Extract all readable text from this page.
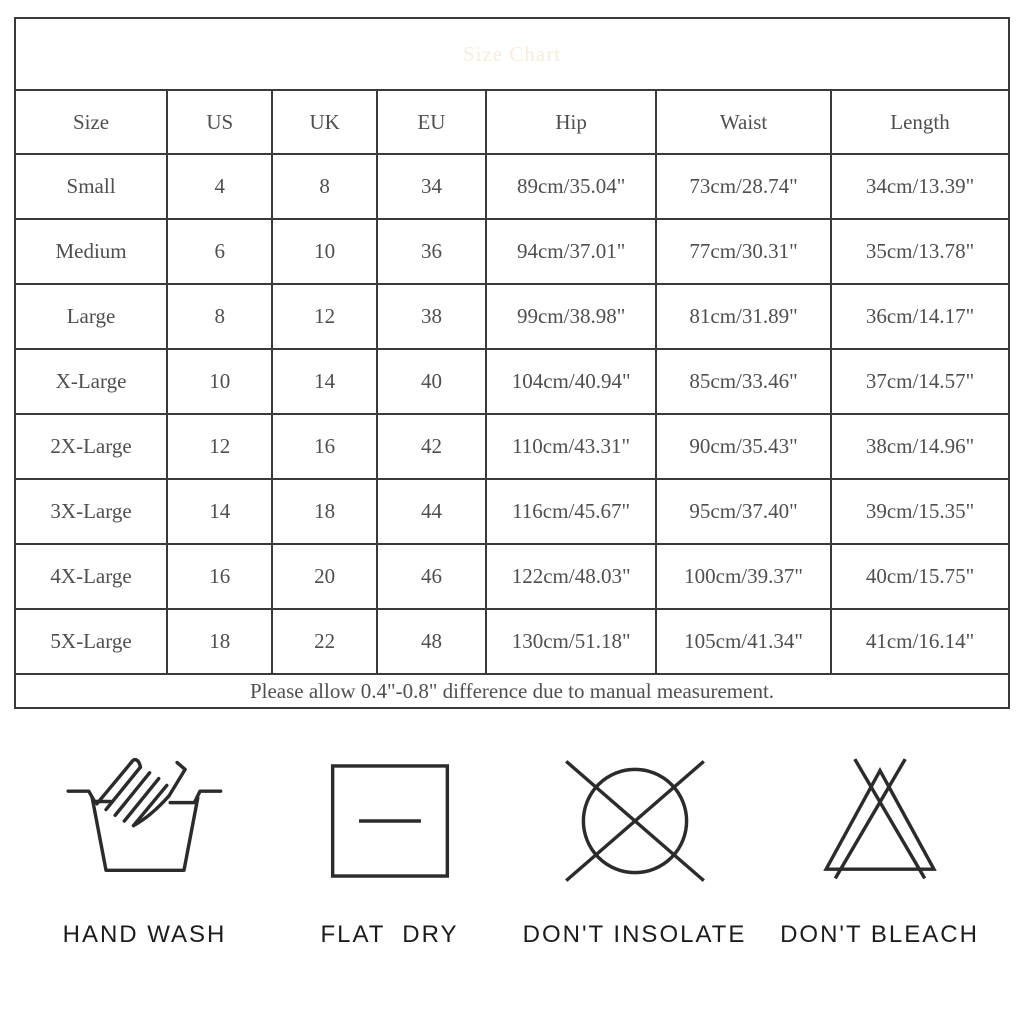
Size Chart						
Size	US	UK	EU	Hip	Waist	Length
Small	4	8	34	89cm/35.04"	73cm/28.74"	34cm/13.39"
Medium	6	10	36	94cm/37.01"	77cm/30.31"	35cm/13.78"
Large	8	12	38	99cm/38.98"	81cm/31.89"	36cm/14.17"
X-Large	10	14	40	104cm/40.94"	85cm/33.46"	37cm/14.57"
2X-Large	12	16	42	110cm/43.31"	90cm/35.43"	38cm/14.96"
3X-Large	14	18	44	116cm/45.67"	95cm/37.40"	39cm/15.35"
4X-Large	16	20	46	122cm/48.03"	100cm/39.37"	40cm/15.75"
5X-Large	18	22	48	130cm/51.18"	105cm/41.34"	41cm/16.14"
Please allow 0.4"-0.8" difference due to manual measurement.						
HAND WASH	FLAT  DRY	DON'T INSOLATE DON'T BLEACH
